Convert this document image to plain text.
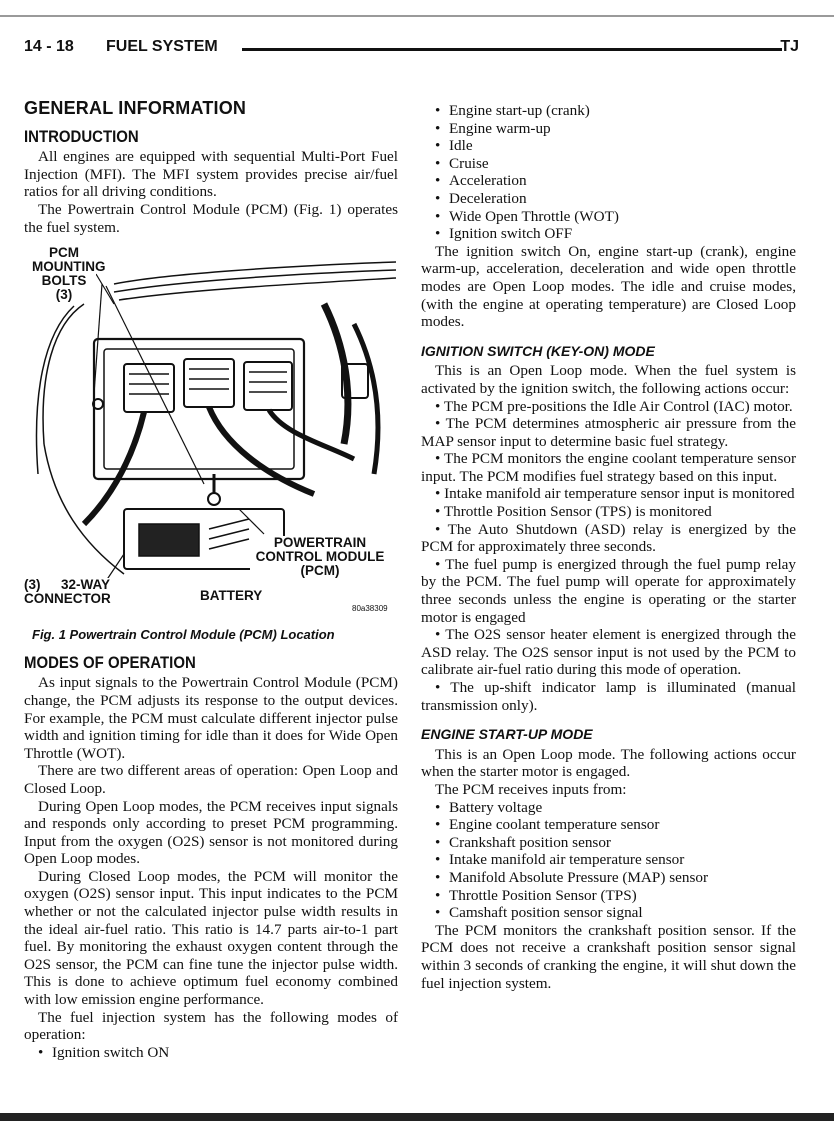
14 - 18 FUEL SYSTEM	TJ
GENERAL INFORMATION
INTRODUCTION

All engines are equipped with sequential Multi-Port Fuel Injection (MFI). The MFI system provides precise air/fuel ratios for all driving conditions.

The Powertrain Control Module (PCM) (Fig. 1) operates the fuel system.

PCM MOUNTING BOLTS (3)
POWERTRAIN CONTROL MODULE (PCM)
(3) 32-WAY CONNECTOR	BATTERY
80a38309
Fig. 1 Powertrain Control Module (PCM) Location
MODES OF OPERATION

As input signals to the Powertrain Control Module (PCM) change, the PCM adjusts its response to the output devices. For example, the PCM must calculate different injector pulse width and ignition timing for idle than it does for Wide Open Throttle (WOT).

There are two different areas of operation: Open Loop and Closed Loop.

During Open Loop modes, the PCM receives input signals and responds only according to preset PCM programming. Input from the oxygen (O2S) sensor is not monitored during Open Loop modes.

During Closed Loop modes, the PCM will monitor the oxygen (O2S) sensor input. This input indicates to the PCM whether or not the calculated injector pulse width results in the ideal air-fuel ratio. This ratio is 14.7 parts air-to-1 part fuel. By monitoring the exhaust oxygen content through the O2S sensor, the PCM can fine tune the injector pulse width. This is done to achieve optimum fuel economy combined with low emission engine performance.

The fuel injection system has the following modes of operation:

• Ignition switch ON
• Engine start-up (crank)
• Engine warm-up
• Idle
• Cruise
• Acceleration
• Deceleration
• Wide Open Throttle (WOT)
• Ignition switch OFF

The ignition switch On, engine start-up (crank), engine warm-up, acceleration, deceleration and wide open throttle modes are Open Loop modes. The idle and cruise modes, (with the engine at operating temperature) are Closed Loop modes.

IGNITION SWITCH (KEY-ON) MODE

This is an Open Loop mode. When the fuel system is activated by the ignition switch, the following actions occur:

• The PCM pre-positions the Idle Air Control (IAC) motor.

• The PCM determines atmospheric air pressure from the MAP sensor input to determine basic fuel strategy.

• The PCM monitors the engine coolant temperature sensor input. The PCM modifies fuel strategy based on this input.

• Intake manifold air temperature sensor input is monitored

• Throttle Position Sensor (TPS) is monitored

• The Auto Shutdown (ASD) relay is energized by the PCM for approximately three seconds.

• The fuel pump is energized through the fuel pump relay by the PCM. The fuel pump will operate for approximately three seconds unless the engine is operating or the starter motor is engaged

• The O2S sensor heater element is energized through the ASD relay. The O2S sensor input is not used by the PCM to calibrate air-fuel ratio during this mode of operation.

• The up-shift indicator lamp is illuminated (manual transmission only).

ENGINE START-UP MODE

This is an Open Loop mode. The following actions occur when the starter motor is engaged.

The PCM receives inputs from:

• Battery voltage
• Engine coolant temperature sensor
• Crankshaft position sensor
• Intake manifold air temperature sensor
• Manifold Absolute Pressure (MAP) sensor
• Throttle Position Sensor (TPS)
• Camshaft position sensor signal

The PCM monitors the crankshaft position sensor. If the PCM does not receive a crankshaft position sensor signal within 3 seconds of cranking the engine, it will shut down the fuel injection system.
